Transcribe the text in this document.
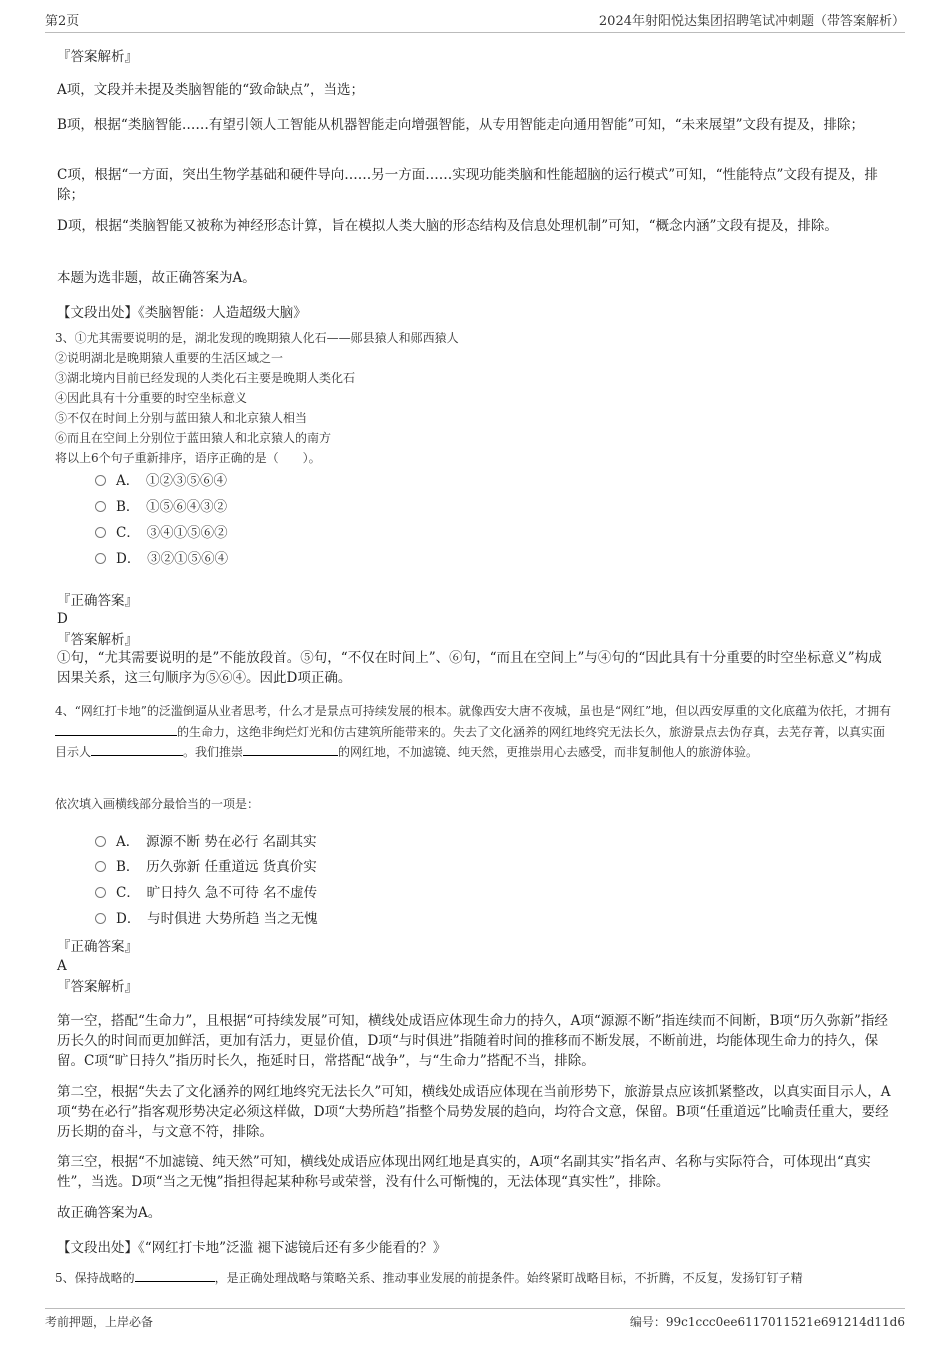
第2页	2024年射阳悦达集团招聘笔试冲刺题（带答案解析）
『答案解析』
A项，文段并未提及类脑智能的“致命缺点”，当选；
B项，根据“类脑智能……有望引领人工智能从机器智能走向增强智能，从专用智能走向通用智能”可知，“未来展望”文段有提及，排除；
C项，根据“一方面，突出生物学基础和硬件导向……另一方面……实现功能类脑和性能超脑的运行模式”可知，“性能特点”文段有提及，排除；
D项，根据“类脑智能又被称为神经形态计算，旨在模拟人类大脑的形态结构及信息处理机制”可知，“概念内涵”文段有提及，排除。
本题为选非题，故正确答案为A。
【文段出处】《类脑智能：人造超级大脑》
3、①尤其需要说明的是，湖北发现的晚期猿人化石——郧县猿人和郧西猿人
②说明湖北是晚期猿人重要的生活区域之一
③湖北境内目前已经发现的人类化石主要是晚期人类化石
④因此具有十分重要的时空坐标意义
⑤不仅在时间上分别与蓝田猿人和北京猿人相当
⑥而且在空间上分别位于蓝田猿人和北京猿人的南方
将以上6个句子重新排序，语序正确的是（　　）。
A．　①②③⑤⑥④
B．　①⑤⑥④③②
C．　③④①⑤⑥②
D．　③②①⑤⑥④
『正确答案』
D
『答案解析』
①句，“尤其需要说明的是”不能放段首。⑤句，“不仅在时间上”、⑥句，“而且在空间上”与④句的“因此具有十分重要的时空坐标意义”构成因果关系，这三句顺序为⑤⑥④。因此D项正确。
4、“网红打卡地”的泛滥倒逼从业者思考，什么才是景点可持续发展的根本。就像西安大唐不夜城，虽也是“网红”地，但以西安厚重的文化底蕴为依托，才拥有的生命力，这绝非绚烂灯光和仿古建筑所能带来的。失去了文化涵养的网红地终究无法长久，旅游景点去伪存真，去芜存菁，以真实面目示人	。我们推崇	的网红地，不加滤镜、纯天然，更推崇用心去感受，而非复制他人的旅游体验。
依次填入画横线部分最恰当的一项是：
A．　源源不断 势在必行 名副其实
B．　历久弥新 任重道远 货真价实
C．　旷日持久 急不可待 名不虚传
D．　与时俱进 大势所趋 当之无愧
『正确答案』
A
『答案解析』
第一空，搭配“生命力”，且根据“可持续发展”可知，横线处成语应体现生命力的持久，A项“源源不断”指连续而不间断，B项“历久弥新”指经历长久的时间而更加鲜活，更加有活力，更显价值，D项“与时俱进”指随着时间的推移而不断发展，不断前进，均能体现生命力的持久，保留。C项“旷日持久”指历时长久，拖延时日，常搭配“战争”，与“生命力”搭配不当，排除。
第二空，根据“失去了文化涵养的网红地终究无法长久”可知，横线处成语应体现在当前形势下，旅游景点应该抓紧整改，以真实面目示人，A项“势在必行”指客观形势决定必须这样做，D项“大势所趋”指整个局势发展的趋向，均符合文意，保留。B项“任重道远”比喻责任重大，要经历长期的奋斗，与文意不符，排除。
第三空，根据“不加滤镜、纯天然”可知，横线处成语应体现出网红地是真实的，A项“名副其实”指名声、名称与实际符合，可体现出“真实性”，当选。D项“当之无愧”指担得起某种称号或荣誉，没有什么可惭愧的，无法体现“真实性”，排除。
故正确答案为A。
【文段出处】《“网红打卡地”泛滥 褪下滤镜后还有多少能看的？》
5、保持战略的	，是正确处理战略与策略关系、推动事业发展的前提条件。始终紧盯战略目标，不折腾，不反复，发扬钉钉子精
考前押题，上岸必备	编号：99c1ccc0ee6117011521e691214d11d6
